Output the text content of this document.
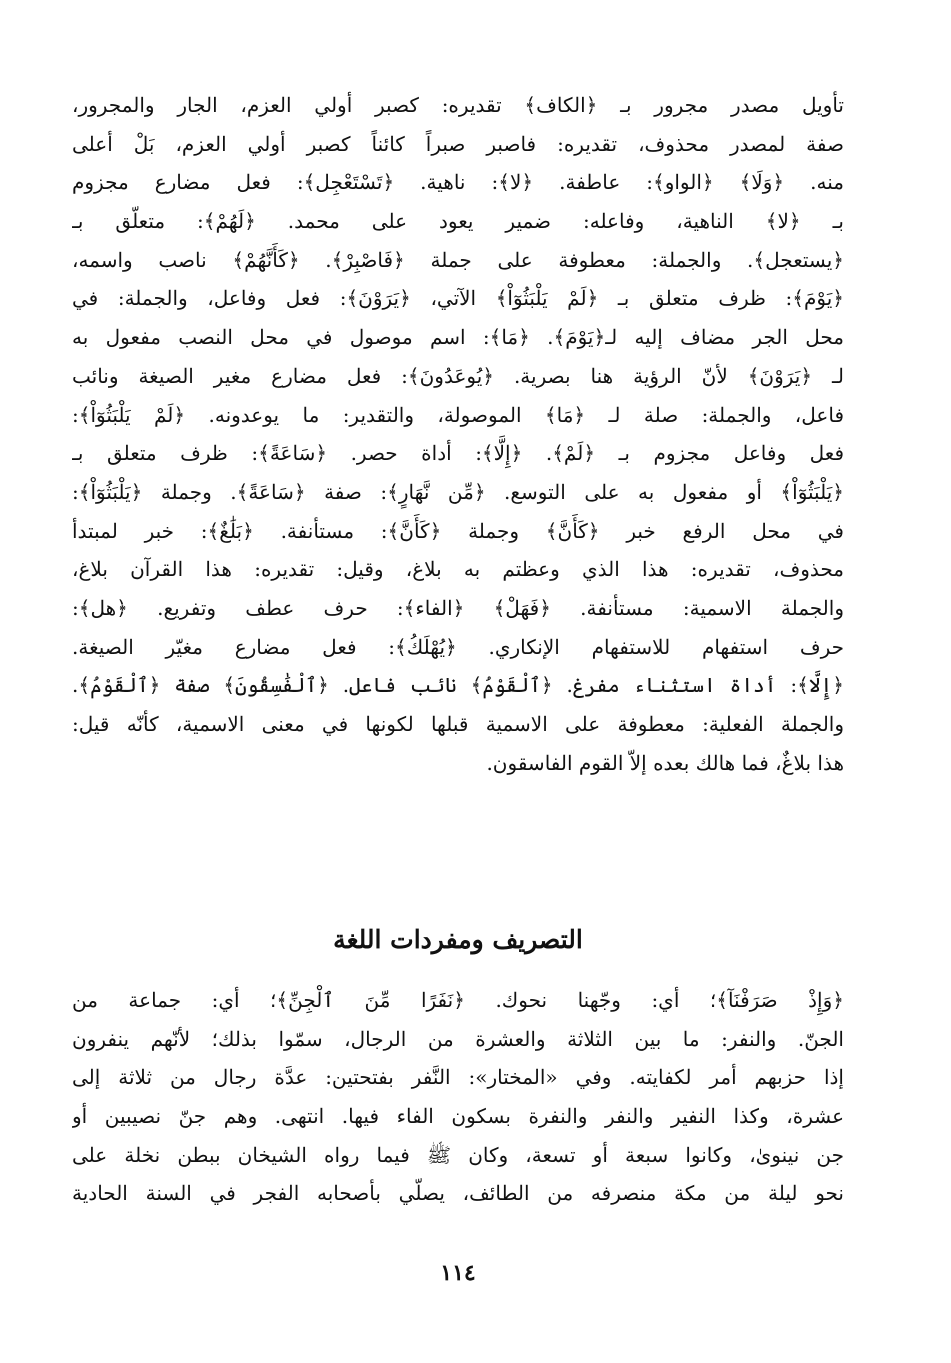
تأويل مصدر مجرور بـ ﴿الكاف﴾ تقديره: كصبر أولي العزم، الجار والمجرور،
صفة لمصدر محذوف، تقديره: فاصبر صبراً كائناً كصبر أولي العزم، بَلْ أعلى
منه. ﴿وَلَا﴾ ﴿الواو﴾: عاطفة. ﴿لا﴾: ناهية. ﴿تَسْتَعْجِل﴾: فعل مضارع مجزوم
بـ ﴿لا﴾ الناهية، وفاعله: ضمير يعود على محمد. ﴿لَهُمْ﴾: متعلّق بـ
﴿يستعجل﴾. والجملة: معطوفة على جملة ﴿فَاصْبِرْ﴾. ﴿كَأَنَّهُمْ﴾ ناصب واسمه،
﴿يَوْمَ﴾: ظرف متعلق بـ ﴿لَمْ يَلْبَثُوٓاْ﴾ الآتي، ﴿يَرَوْنَ﴾: فعل وفاعل، والجملة: في
محل الجر مضاف إليه لـ﴿يَوْمَ﴾. ﴿مَا﴾: اسم موصول في محل النصب مفعول به
لـ ﴿يَرَوْنَ﴾ لأنّ الرؤية هنا بصرية. ﴿يُوعَدُونَ﴾: فعل مضارع مغير الصيغة ونائب
فاعل، والجملة: صلة لـ ﴿مَا﴾ الموصولة، والتقدير: ما يوعدونه. ﴿لَمْ يَلْبَثُوٓاْ﴾:
فعل وفاعل مجزوم بـ ﴿لَمْ﴾. ﴿إِلَّا﴾: أداة حصر. ﴿سَاعَةً﴾: ظرف متعلق بـ
﴿يَلْبَثُوٓاْ﴾ أو مفعول به على التوسع. ﴿مِّن نَّهَارٍ﴾: صفة ﴿سَاعَةً﴾. وجملة ﴿يَلْبَثُوٓاْ﴾:
في محل الرفع خبر ﴿كَأَنَّ﴾ وجملة ﴿كَأَنَّ﴾: مستأنفة. ﴿بَلَٰغٌ﴾: خبر لمبتدأ
محذوف، تقديره: هذا الذي وعظتم به بلاغ، وقيل: تقديره: هذا القرآن بلاغ،
والجملة الاسمية: مستأنفة. ﴿فَهَلْ﴾ ﴿الفاء﴾: حرف عطف وتفريع. ﴿هل﴾:
حرف استفهام للاستفهام الإنكاري. ﴿يُهْلَكُ﴾: فعل مضارع مغيّر الصيغة.
﴿إِلَّا﴾: أداة استثناء مفرغ. ﴿ٱلْقَوْمُ﴾ نائب فاعل. ﴿ٱلْفَٰسِقُونَ﴾ صفة ﴿ٱلْقَوْمُ﴾.
والجملة الفعلية: معطوفة على الاسمية قبلها لكونها في معنى الاسمية، كأنّه قيل:
هذا بلاغٌ، فما هالك بعده إلاّ القوم الفاسقون.
التصريف ومفردات اللغة
﴿وَإِذْ صَرَفْنَآ﴾؛ أي: وجّهنا نحوك. ﴿نَفَرًا مِّنَ ٱلْجِنِّ﴾؛ أي: جماعة من
الجنّ. والنفر: ما بين الثلاثة والعشرة من الرجال، سمّوا بذلك؛ لأنّهم ينفرون
إذا حزبهم أمر لكفايته. وفي «المختار»: النَّفر بفتحتين: عدَّة رجال من ثلاثة إلى
عشرة، وكذا النفير والنفر والنفرة بسكون الفاء فيها. انتهى. وهم جنّ نصيبين أو
جن نينوىٰ، وكانوا سبعة أو تسعة، وكان ﷺ فيما رواه الشيخان ببطن نخلة على
نحو ليلة من مكة منصرفه من الطائف، يصلّي بأصحابه الفجر في السنة الحادية
١١٤
